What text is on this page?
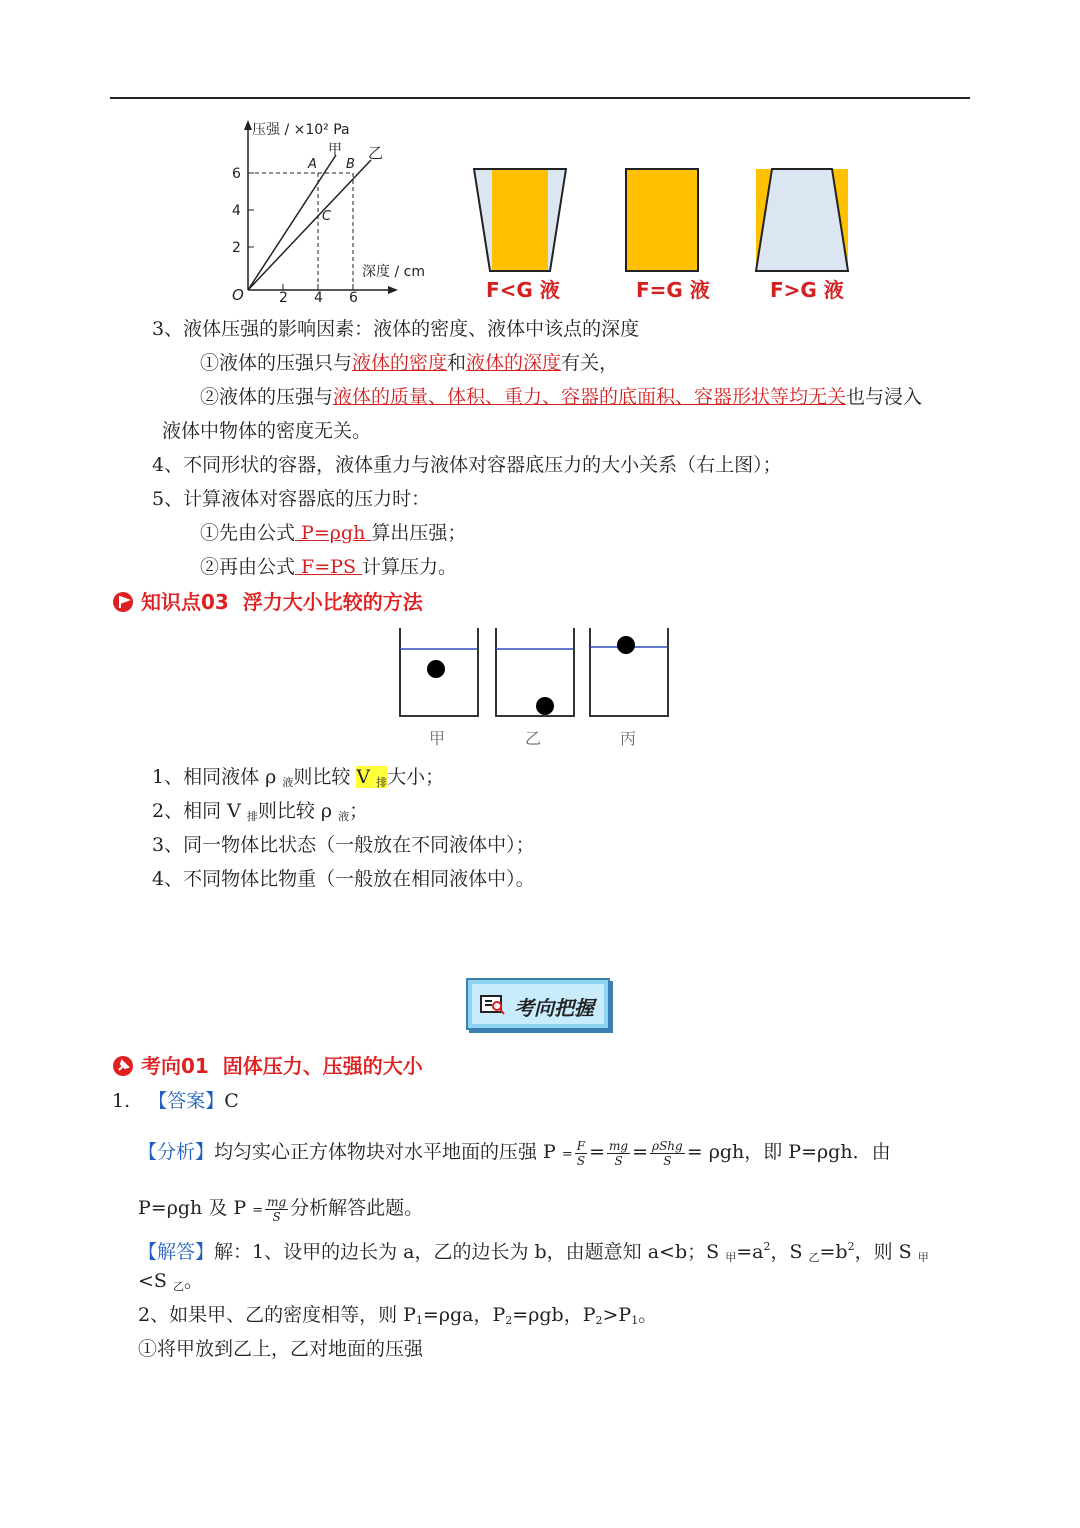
压强 / ×10² Pa
深度 / cm
O	2 4 6
2
4
6
甲 乙
A B
C
F<G 液	F=G 液	F>G 液
3、液体压强的影响因素：液体的密度、液体中该点的深度
①液体的压强只与液体的密度和液体的深度有关，
②液体的压强与液体的质量、体积、重力、容器的底面积、容器形状等均无关也与浸入
液体中物体的密度无关。
4、不同形状的容器，液体重力与液体对容器底压力的大小关系（右上图）；
5、计算液体对容器底的压力时：
①先由公式 P=ρgh 算出压强；
②再由公式 F=PS 计算压力。
知识点03 浮力大小比较的方法
甲	乙	丙
1、相同液体 ρ $_液$则比较 V $_排$大小；
2、相同 V $_排$则比较 ρ $_液$；
3、同一物体比状态（一般放在不同液体中）；
4、不同物体比物重（一般放在相同液体中）。
考向把握
考向01 固体压力、压强的大小
1. 【答案】C
【分析】均匀实心正方体物块对水平地面的压强 $P = \frac{F}{S} = \frac{mg}{S} = \frac{\text{ρShg}}{S} = \rho gh$，即 P=ρgh．由
P=ρgh 及 $P = \frac{mg}{S}$ 分析解答此题。
【解答】解：1、设甲的边长为 a，乙的边长为 b，由题意知 a<b；S $_甲=a^2$，S $_乙=b^2$，则 S $_甲$
<S $_乙$。
2、如果甲、乙的密度相等，则 $P_1=\rho ga$，$P_2=\rho gb$，$P_2>P_1$。
①将甲放到乙上，乙对地面的压强
